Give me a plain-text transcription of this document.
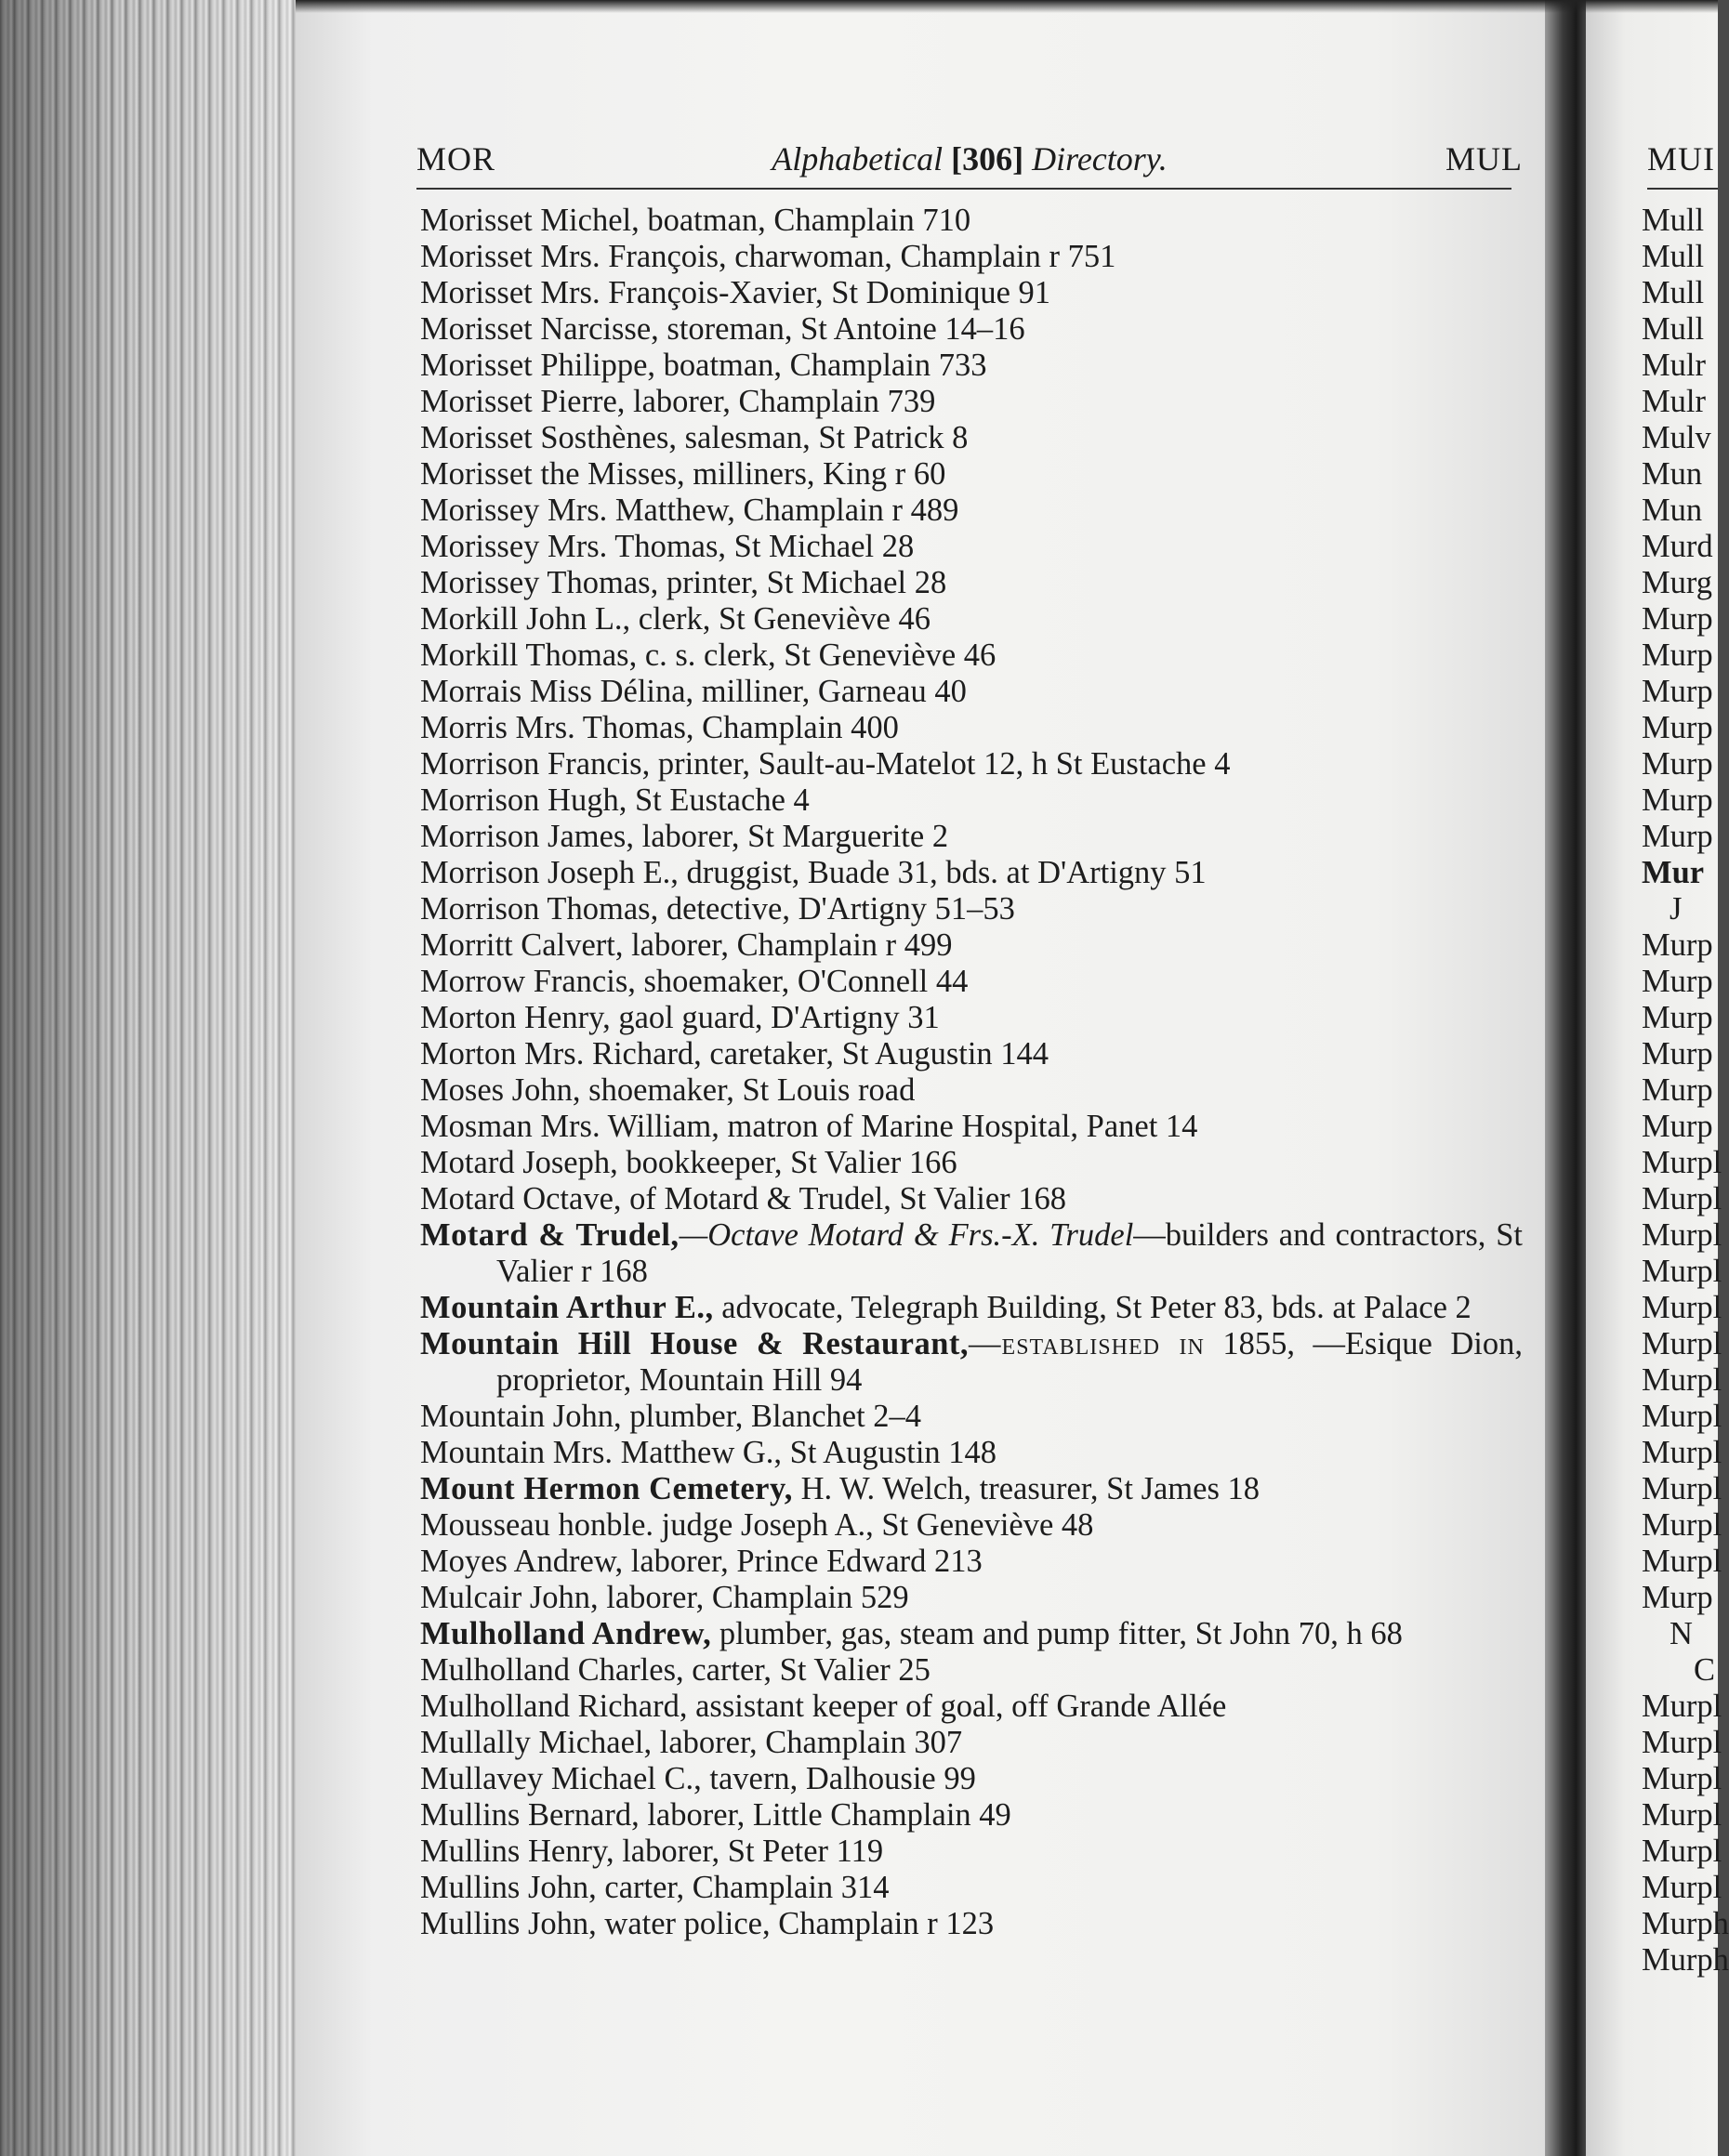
MOR	Alphabetical [306] Directory.	MUL
Morisset Michel, boatman, Champlain 710
Morisset Mrs. François, charwoman, Champlain r 751
Morisset Mrs. François-Xavier, St Dominique 91
Morisset Narcisse, storeman, St Antoine 14–16
Morisset Philippe, boatman, Champlain 733
Morisset Pierre, laborer, Champlain 739
Morisset Sosthènes, salesman, St Patrick 8
Morisset the Misses, milliners, King r 60
Morissey Mrs. Matthew, Champlain r 489
Morissey Mrs. Thomas, St Michael 28
Morissey Thomas, printer, St Michael 28
Morkill John L., clerk, St Geneviève 46
Morkill Thomas, c. s. clerk, St Geneviève 46
Morrais Miss Délina, milliner, Garneau 40
Morris Mrs. Thomas, Champlain 400
Morrison Francis, printer, Sault-au-Matelot 12, h St Eustache 4
Morrison Hugh, St Eustache 4
Morrison James, laborer, St Marguerite 2
Morrison Joseph E., druggist, Buade 31, bds. at D'Artigny 51
Morrison Thomas, detective, D'Artigny 51–53
Morritt Calvert, laborer, Champlain r 499
Morrow Francis, shoemaker, O'Connell 44
Morton Henry, gaol guard, D'Artigny 31
Morton Mrs. Richard, caretaker, St Augustin 144
Moses John, shoemaker, St Louis road
Mosman Mrs. William, matron of Marine Hospital, Panet 14
Motard Joseph, bookkeeper, St Valier 166
Motard Octave, of Motard & Trudel, St Valier 168
Motard & Trudel,—Octave Motard & Frs.-X. Trudel—builders and contractors, St Valier r 168
Mountain Arthur E., advocate, Telegraph Building, St Peter 83, bds. at Palace 2
Mountain Hill House & Restaurant,—established in 1855, —Esique Dion, proprietor, Mountain Hill 94
Mountain John, plumber, Blanchet 2–4
Mountain Mrs. Matthew G., St Augustin 148
Mount Hermon Cemetery, H. W. Welch, treasurer, St James 18
Mousseau honble. judge Joseph A., St Geneviève 48
Moyes Andrew, laborer, Prince Edward 213
Mulcair John, laborer, Champlain 529
Mulholland Andrew, plumber, gas, steam and pump fitter, St John 70, h 68
Mulholland Charles, carter, St Valier 25
Mulholland Richard, assistant keeper of goal, off Grande Allée
Mullally Michael, laborer, Champlain 307
Mullavey Michael C., tavern, Dalhousie 99
Mullins Bernard, laborer, Little Champlain 49
Mullins Henry, laborer, St Peter 119
Mullins John, carter, Champlain 314
Mullins John, water police, Champlain r 123
MUI
Mull
Mull
Mull
Mull
Mulr
Mulr
Mulv
Mun
Mun
Murd
Murg
Murp
Murp
Murp
Murp
Murp
Murp
Murp
Mur
J
Murp
Murp
Murp
Murp
Murp
Murp
Murpl
Murpl
Murpl
Murpl
Murpl
Murpl
Murpl
Murpl
Murpl
Murpl
Murpl
Murpl
Murp
N
C
Murpl
Murpl
Murpl
Murpl
Murpl
Murpl
Murph
Murph
